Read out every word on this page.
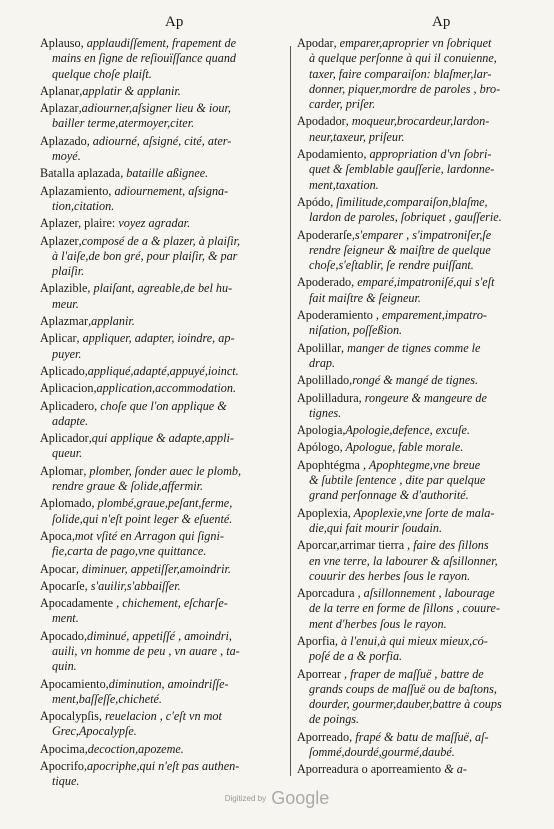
Ap	Ap
Aplauso, applaudiſſement, frapement de
mains en ſigne de reſiouïſſance quand
quelque choſe plaiſt.
Aplanar,applatir & applanir.
Aplazar,adiourner,aſsigner lieu & iour,
bailler terme,atermoyer,citer.
Aplazado, adiourné, aſsigné, cité, ater-
moyé.
Batalla aplazada, bataille aßignee.
Aplazamiento, adiournement, aſsigna-
tion,citation.
Aplazer, plaire: voyez agradar.
Aplazer,composé de a & plazer, à plaiſir,
à l'aiſe,de bon gré, pour plaiſir, & par
plaiſir.
Aplazible, plaiſant, agreable,de bel hu-
meur.
Aplazmar,applanir.
Aplicar, appliquer, adapter, ioindre, ap-
puyer.
Aplicado,appliqué,adapté,appuyé,ioinct.
Aplicacion,application,accommodation.
Aplicadero, choſe que l'on applique &
adapte.
Aplicador,qui applique & adapte,appli-
queur.
Aplomar, plomber, ſonder auec le plomb,
rendre graue & ſolide,affermir.
Aplomado, plombé,graue,peſant,ferme,
ſolide,qui n'eſt point leger & eſuenté.
Apoca,mot vſité en Arragon qui ſigni-
fie,carta de pago,vne quittance.
Apocar, diminuer, appetiſſer,amoindrir.
Apocarſe, s'auilir,s'abbaiſſer.
Apocadamente , chichement, eſcharſe-
ment.
Apocado,diminué, appetiſſé , amoindri,
auili, vn homme de peu , vn auare , ta-
quin.
Apocamiento,diminution, amoindriſſe-
ment,baſſeſſe,chicheté.
Apocalypſis, reuelacion , c'eſt vn mot
Grec,Apocalypſe.
Apocima,decoction,apozeme.
Apocrifo,apocriphe,qui n'eſt pas authen-
tique.
Apodar, emparer,aproprier vn ſobriquet
à quelque perſonne à qui il conuienne,
taxer, faire comparaiſon: blaſmer,lar-
donner, piquer,mordre de paroles , bro-
carder, priſer.
Apodador, moqueur,brocardeur,lardon-
neur,taxeur, priſeur.
Apodamiento, appropriation d'vn ſobri-
quet & ſemblable gauſſerie, lardonne-
ment,taxation.
Apódo, ſimilitude,comparaiſon,blaſme,
lardon de paroles, ſobriquet , gauſſerie.
Apoderarſe,s'emparer , s'impatroniſer,ſe
rendre ſeigneur & maiſtre de quelque
choſe,s'eſtablir, ſe rendre puiſſant.
Apoderado, emparé,impatroniſé,qui s'eſt
fait maiſtre & ſeigneur.
Apoderamiento , emparement,impatro-
niſation, poſſeßion.
Apolillar, manger de tignes comme le
drap.
Apolillado,rongé & mangé de tignes.
Apolilladura, rongeure & mangeure de
tignes.
Apologia,Apologie,defence, excuſe.
Apólogo, Apologue, fable morale.
Apophtégma , Apophtegme,vne breue
& ſubtile ſentence , dite par quelque
grand perſonnage & d'authorité.
Apoplexia, Apoplexie,vne ſorte de mala-
die,qui fait mourir ſoudain.
Aporcar,arrimar tierra , faire des ſillons
en vne terre, la labourer & aſsillonner,
couurir des herbes ſous le rayon.
Aporcadura , aſsillonnement , labourage
de la terre en forme de ſillons , couure-
ment d'herbes ſous le rayon.
Aporfia, à l'enui,à qui mieux mieux,có-
poſé de a & porfia.
Aporrear , fraper de maſſuë , battre de
grands coups de maſſuë ou de baſtons,
dourder, gourmer,dauber,battre à coups
de poings.
Aporreado, frapé & batu de maſſuë, aſ-
ſommé,dourdé,gourmé,daubé.
Aporreadura o aporreamiento & a-
Digitized by Google
